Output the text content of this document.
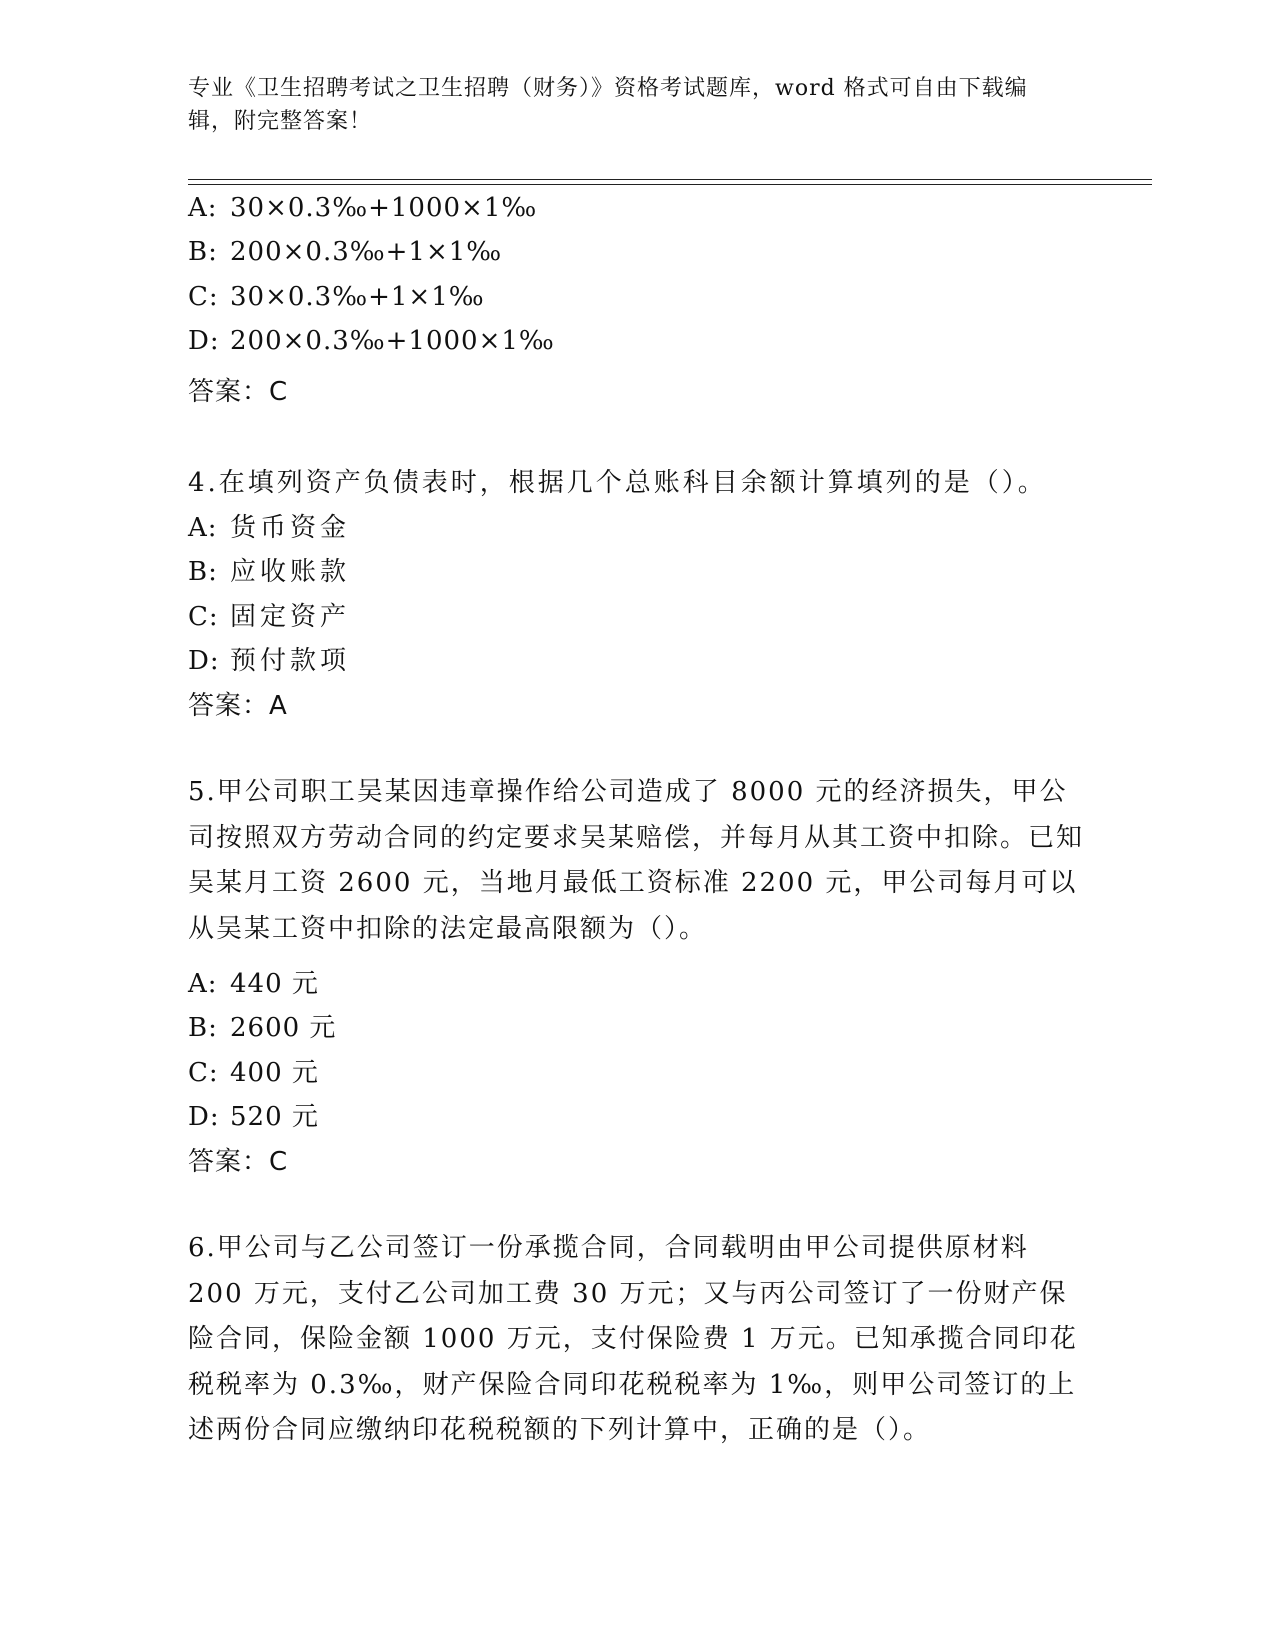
专业《卫生招聘考试之卫生招聘（财务）》资格考试题库，word 格式可自由下载编辑，附完整答案！
A: 30×0.3‰+1000×1‰
B: 200×0.3‰+1×1‰
C: 30×0.3‰+1×1‰
D: 200×0.3‰+1000×1‰
答案：C
4.在填列资产负债表时，根据几个总账科目余额计算填列的是（）。
A: 货币资金
B: 应收账款
C: 固定资产
D: 预付款项
答案：A
5.甲公司职工吴某因违章操作给公司造成了 8000 元的经济损失，甲公司按照双方劳动合同的约定要求吴某赔偿，并每月从其工资中扣除。已知吴某月工资 2600 元，当地月最低工资标准 2200 元，甲公司每月可以从吴某工资中扣除的法定最高限额为（）。
A: 440 元
B: 2600 元
C: 400 元
D: 520 元
答案：C
6.甲公司与乙公司签订一份承揽合同，合同载明由甲公司提供原材料 200 万元，支付乙公司加工费 30 万元；又与丙公司签订了一份财产保险合同，保险金额 1000 万元，支付保险费 1 万元。已知承揽合同印花税税率为 0.3‰，财产保险合同印花税税率为 1‰，则甲公司签订的上述两份合同应缴纳印花税税额的下列计算中，正确的是（）。
